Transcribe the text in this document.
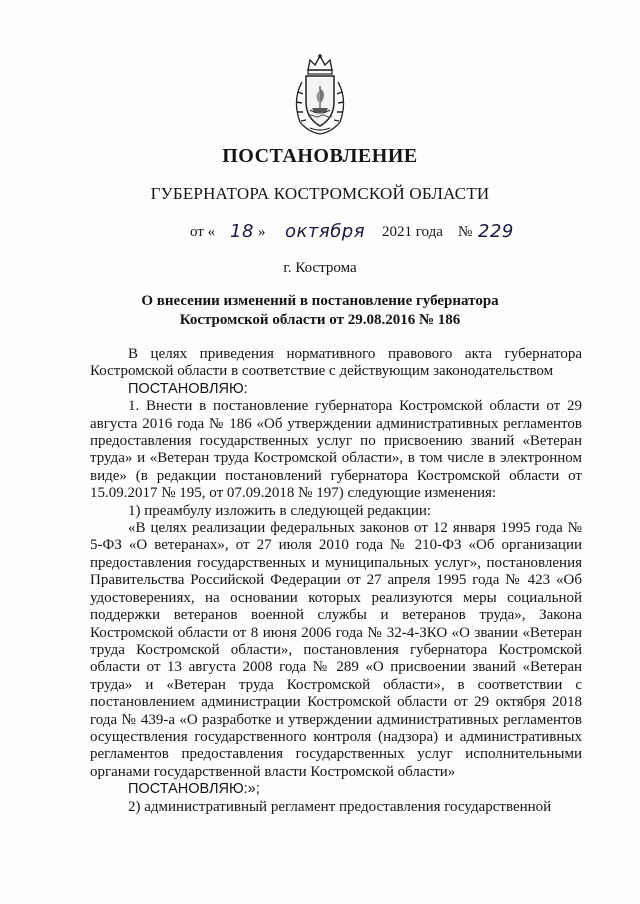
ПОСТАНОВЛЕНИЕ
ГУБЕРНАТОРА КОСТРОМСКОЙ ОБЛАСТИ
от « 18 » октября 2021 года № 229
г. Кострома
О внесении изменений в постановление губернатора
Костромской области от 29.08.2016 № 186

В целях приведения нормативного правового акта губернатора Костромской области в соответствие с действующим законодательством

ПОСТАНОВЛЯЮ:

1. Внести в постановление губернатора Костромской области от 29 августа 2016 года № 186 «Об утверждении административных регламентов предоставления государственных услуг по присвоению званий «Ветеран труда» и «Ветеран труда Костромской области», в том числе в электронном виде» (в редакции постановлений губернатора Костромской области от 15.09.2017 № 195, от 07.09.2018 № 197) следующие изменения:

1) преамбулу изложить в следующей редакции:

«В целях реализации федеральных законов от 12 января 1995 года № 5-ФЗ «О ветеранах», от 27 июля 2010 года № 210-ФЗ «Об организации предоставления государственных и муниципальных услуг», постановления Правительства Российской Федерации от 27 апреля 1995 года № 423 «Об удостоверениях, на основании которых реализуются меры социальной поддержки ветеранов военной службы и ветеранов труда», Закона Костромской области от 8 июня 2006 года № 32-4-ЗКО «О звании «Ветеран труда Костромской области», постановления губернатора Костромской области от 13 августа 2008 года № 289 «О присвоении званий «Ветеран труда» и «Ветеран труда Костромской области», в соответствии с постановлением администрации Костромской области от 29 октября 2018 года № 439-а «О разработке и утверждении административных регламентов осуществления государственного контроля (надзора) и административных регламентов предоставления государственных услуг исполнительными органами государственной власти Костромской области»

ПОСТАНОВЛЯЮ:»;

2) административный регламент предоставления государственной
